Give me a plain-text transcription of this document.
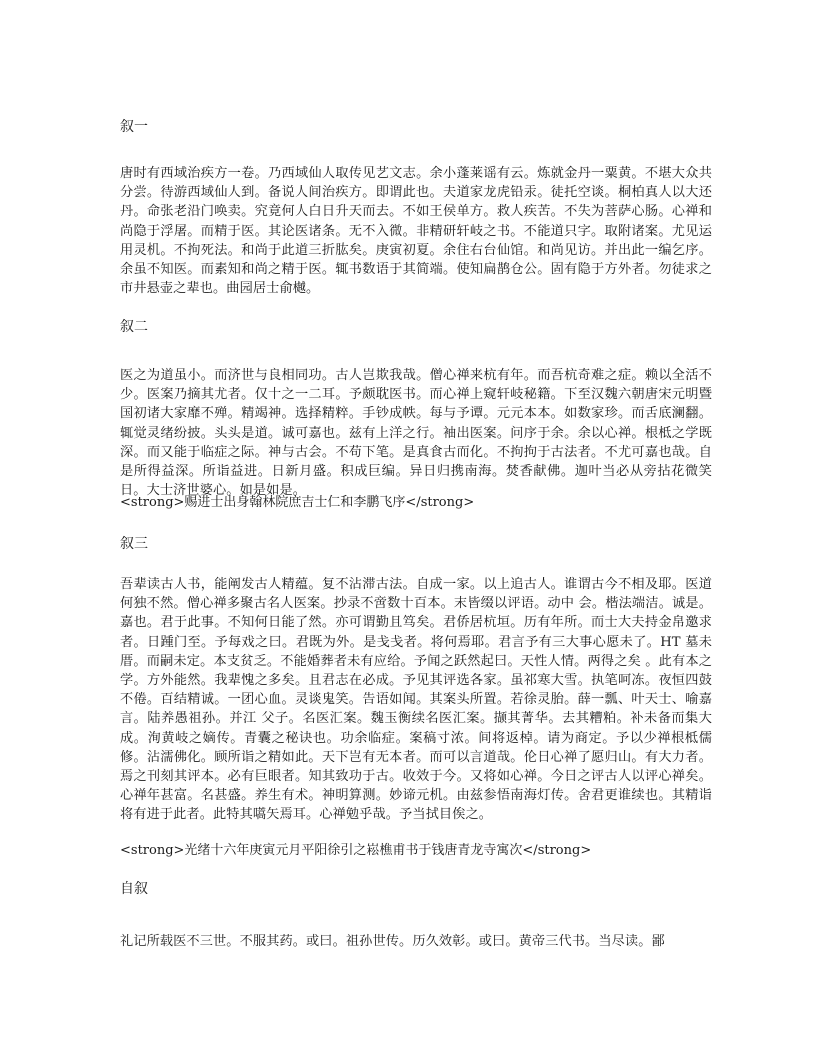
叙一

唐时有西域治疾方一卷。乃西域仙人取传见艺文志。余小蓬莱谣有云。炼就金丹一粟黄。不堪大众共分尝。待游西域仙人到。备说人间治疾方。即谓此也。夫道家龙虎铅汞。徒托空谈。桐柏真人以大还丹。命张老沿门唤卖。究竟何人白日升天而去。不如王侯单方。救人疾苦。不失为菩萨心肠。心禅和尚隐于浮屠。而精于医。其论医诸条。无不入微。非精研轩岐之书。不能道只字。取附诸案。尤见运用灵机。不拘死法。和尚于此道三折肱矣。庚寅初夏。余住右台仙馆。和尚见访。并出此一编乞序。余虽不知医。而素知和尚之精于医。辄书数语于其简端。使知扁鹊仓公。固有隐于方外者。勿徒求之市井悬壶之辈也。曲园居士俞樾。

叙二

医之为道虽小。而济世与良相同功。古人岂欺我哉。僧心禅来杭有年。而吾杭奇难之症。赖以全活不少。医案乃摘其尤者。仅十之一二耳。予颇耽医书。而心禅上窥轩岐秘籍。下至汉魏六朝唐宋元明暨国初诸大家靡不殚。精竭神。选择精粹。手钞成帙。每与予谭。元元本本。如数家珍。而舌底澜翻。辄觉灵绪纷披。头头是道。诚可嘉也。兹有上洋之行。袖出医案。问序于余。余以心禅。根柢之学既深。而又能于临症之际。神与古会。不苟下笔。是真食古而化。不拘拘于古法者。不尤可嘉也哉。自是所得益深。所诣益进。日新月盛。积成巨编。异日归携南海。焚香献佛。迦叶当必从旁拈花微笑日。大士济世婆心。如是如是。

<strong>赐进士出身翰林院庶吉士仁和李鹏飞序</strong>

叙三

吾辈读古人书，能阐发古人精蕴。复不沾滞古法。自成一家。以上追古人。谁谓古今不相及耶。医道何独不然。僧心禅多聚古名人医案。抄录不啻数十百本。末皆缀以评语。动中 会。楷法端洁。诚是。嘉也。君于此事。不知何日能了然。亦可谓勤且笃矣。君侨居杭垣。历有年所。而士大夫持金帛邀求者。日踵门至。予每戏之曰。君既为外。是戋戋者。将何焉耶。君言予有三大事心愿未了。HT 墓未厝。而嗣未定。本支贫乏。不能婚葬者未有应给。予闻之跃然起曰。天性人情。两得之矣 。此有本之学。方外能然。我辈愧之多矣。且君志在必成。予见其评选各家。虽祁寒大雪。执笔呵冻。夜恒四鼓不倦。百结精诚。一团心血。灵谈鬼笑。告语如闻。其案头所置。若徐灵胎。薛一瓢、叶天士、喻嘉言。陆养愚祖孙。并江 父子。名医汇案。魏玉衡续名医汇案。撷其菁华。去其糟粕。补未备而集大成。洵黄岐之嫡传。青囊之秘诀也。功余临症。案稿寸浓。间将返棹。请为商定。予以少禅根柢儒修。沾濡佛化。顾所诣之精如此。天下岂有无本者。而可以言道哉。伦日心禅了愿归山。有大力者。焉之刊刻其评本。必有巨眼者。知其致功于古。收效于今。又将如心禅。今日之评古人以评心禅矣。心禅年甚富。名甚盛。养生有术。神明算测。妙谛元机。由兹参悟南海灯传。舍君更谁续也。其精诣将有进于此者。此特其嚆矢焉耳。心禅勉乎哉。予当拭目俟之。

<strong>光绪十六年庚寅元月平阳徐引之崧樵甫书于钱唐青龙寺寓次</strong>

自叙

礼记所载医不三世。不服其药。或曰。祖孙世传。历久效彰。或曰。黄帝三代书。当尽读。鄙
